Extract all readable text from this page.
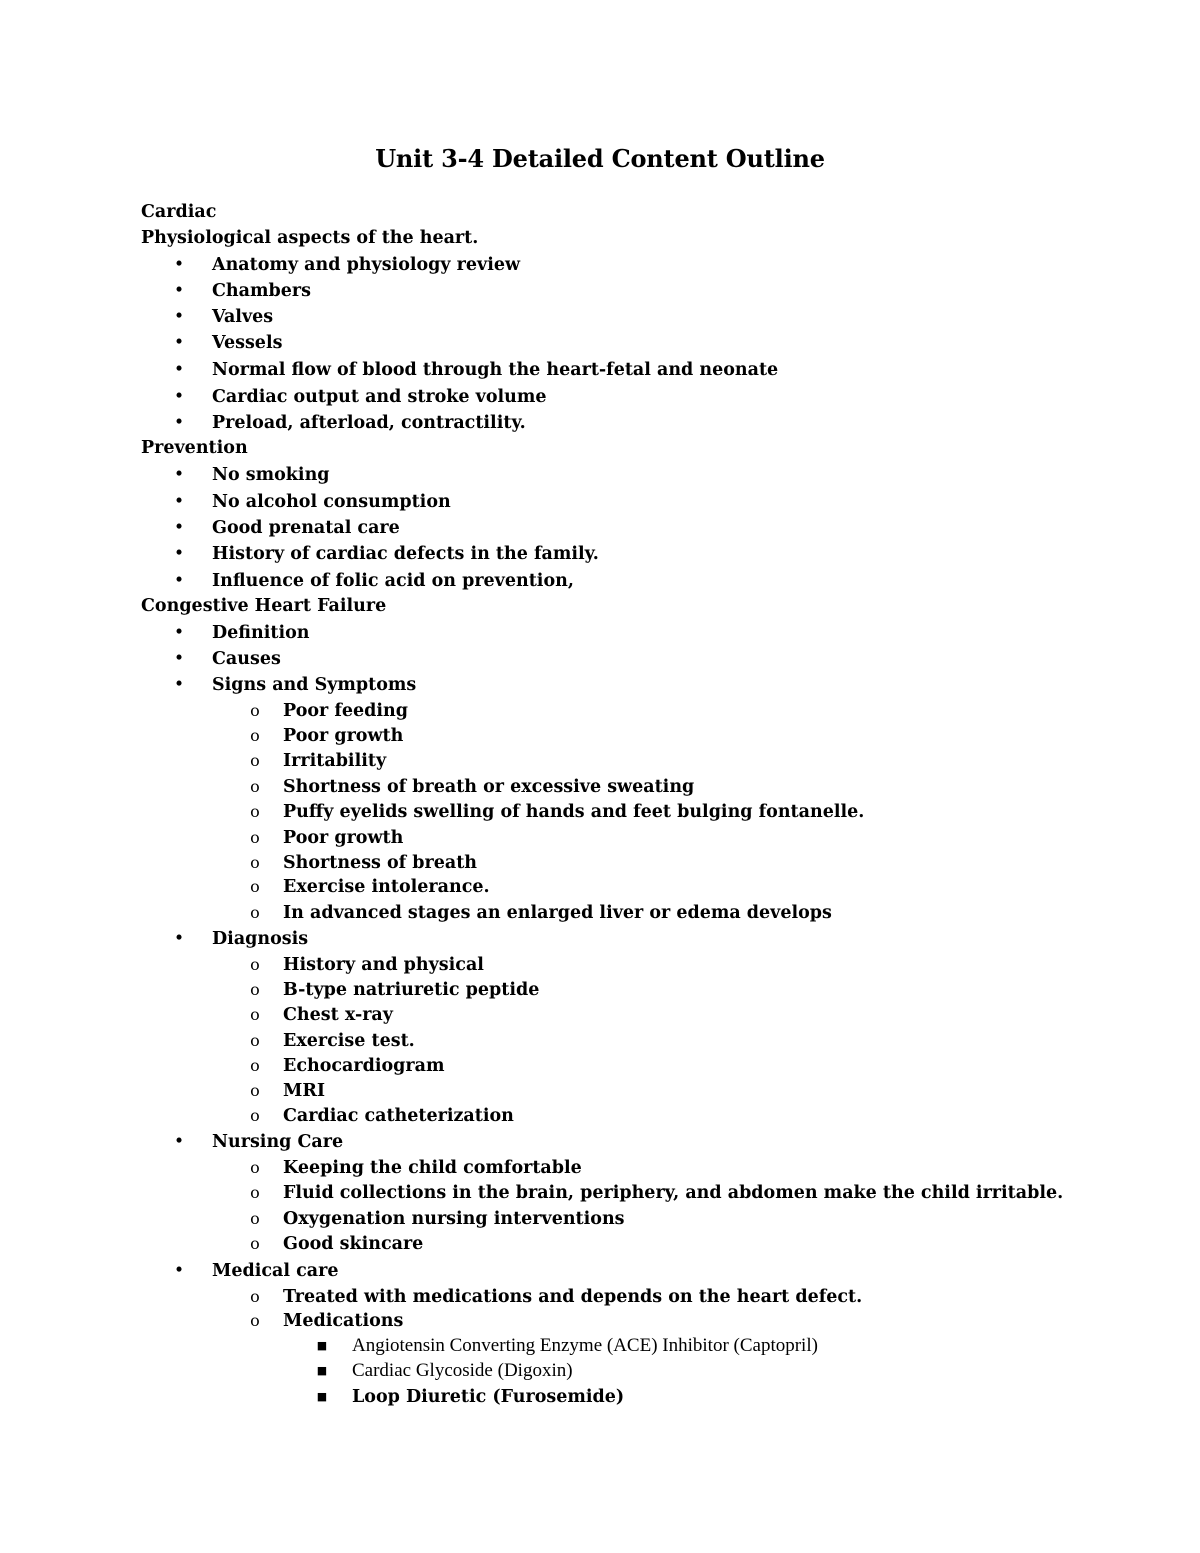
Unit 3-4 Detailed Content Outline
Cardiac
Physiological aspects of the heart.
• Anatomy and physiology review
• Chambers
• Valves
• Vessels
• Normal flow of blood through the heart-fetal and neonate
• Cardiac output and stroke volume
• Preload, afterload, contractility.
Prevention
• No smoking
• No alcohol consumption
• Good prenatal care
• History of cardiac defects in the family.
• Influence of folic acid on prevention,
Congestive Heart Failure
• Definition
• Causes
• Signs and Symptoms
o Poor feeding
o Poor growth
o Irritability
o Shortness of breath or excessive sweating
o Puffy eyelids swelling of hands and feet bulging fontanelle.
o Poor growth
o Shortness of breath
o Exercise intolerance.
o In advanced stages an enlarged liver or edema develops
• Diagnosis
o History and physical
o B-type natriuretic peptide
o Chest x-ray
o Exercise test.
o Echocardiogram
o MRI
o Cardiac catheterization
• Nursing Care
o Keeping the child comfortable
o Fluid collections in the brain, periphery, and abdomen make the child irritable.
o Oxygenation nursing interventions
o Good skincare
• Medical care
o Treated with medications and depends on the heart defect.
o Medications
■ Angiotensin Converting Enzyme (ACE) Inhibitor (Captopril)
■ Cardiac Glycoside (Digoxin)
■ Loop Diuretic (Furosemide)
